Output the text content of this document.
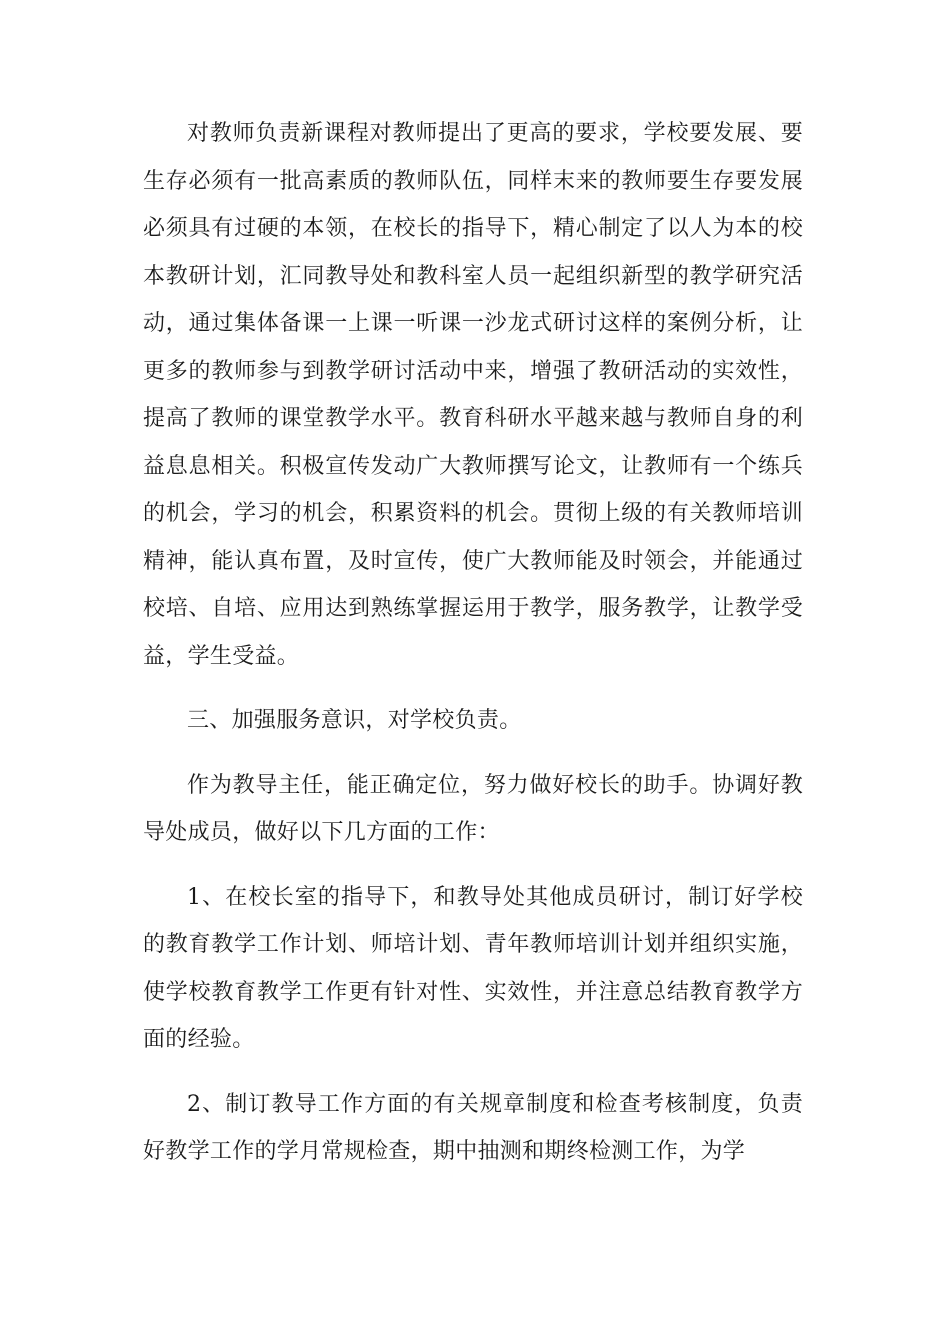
对教师负责新课程对教师提出了更高的要求，学校要发展、要生存必须有一批高素质的教师队伍，同样末来的教师要生存要发展必须具有过硬的本领，在校长的指导下，精心制定了以人为本的校本教研计划，汇同教导处和教科室人员一起组织新型的教学研究活动，通过集体备课一上课一听课一沙龙式研讨这样的案例分析，让更多的教师参与到教学研讨活动中来，增强了教研活动的实效性，提高了教师的课堂教学水平。教育科研水平越来越与教师自身的利益息息相关。积极宣传发动广大教师撰写论文，让教师有一个练兵的机会，学习的机会，积累资料的机会。贯彻上级的有关教师培训精神，能认真布置，及时宣传，使广大教师能及时领会，并能通过校培、自培、应用达到熟练掌握运用于教学，服务教学，让教学受益，学生受益。

三、加强服务意识，对学校负责。

作为教导主任，能正确定位，努力做好校长的助手。协调好教导处成员，做好以下几方面的工作：

1、在校长室的指导下，和教导处其他成员研讨，制订好学校的教育教学工作计划、师培计划、青年教师培训计划并组织实施，使学校教育教学工作更有针对性、实效性，并注意总结教育教学方面的经验。

2、制订教导工作方面的有关规章制度和检查考核制度，负责好教学工作的学月常规检查，期中抽测和期终检测工作，为学
